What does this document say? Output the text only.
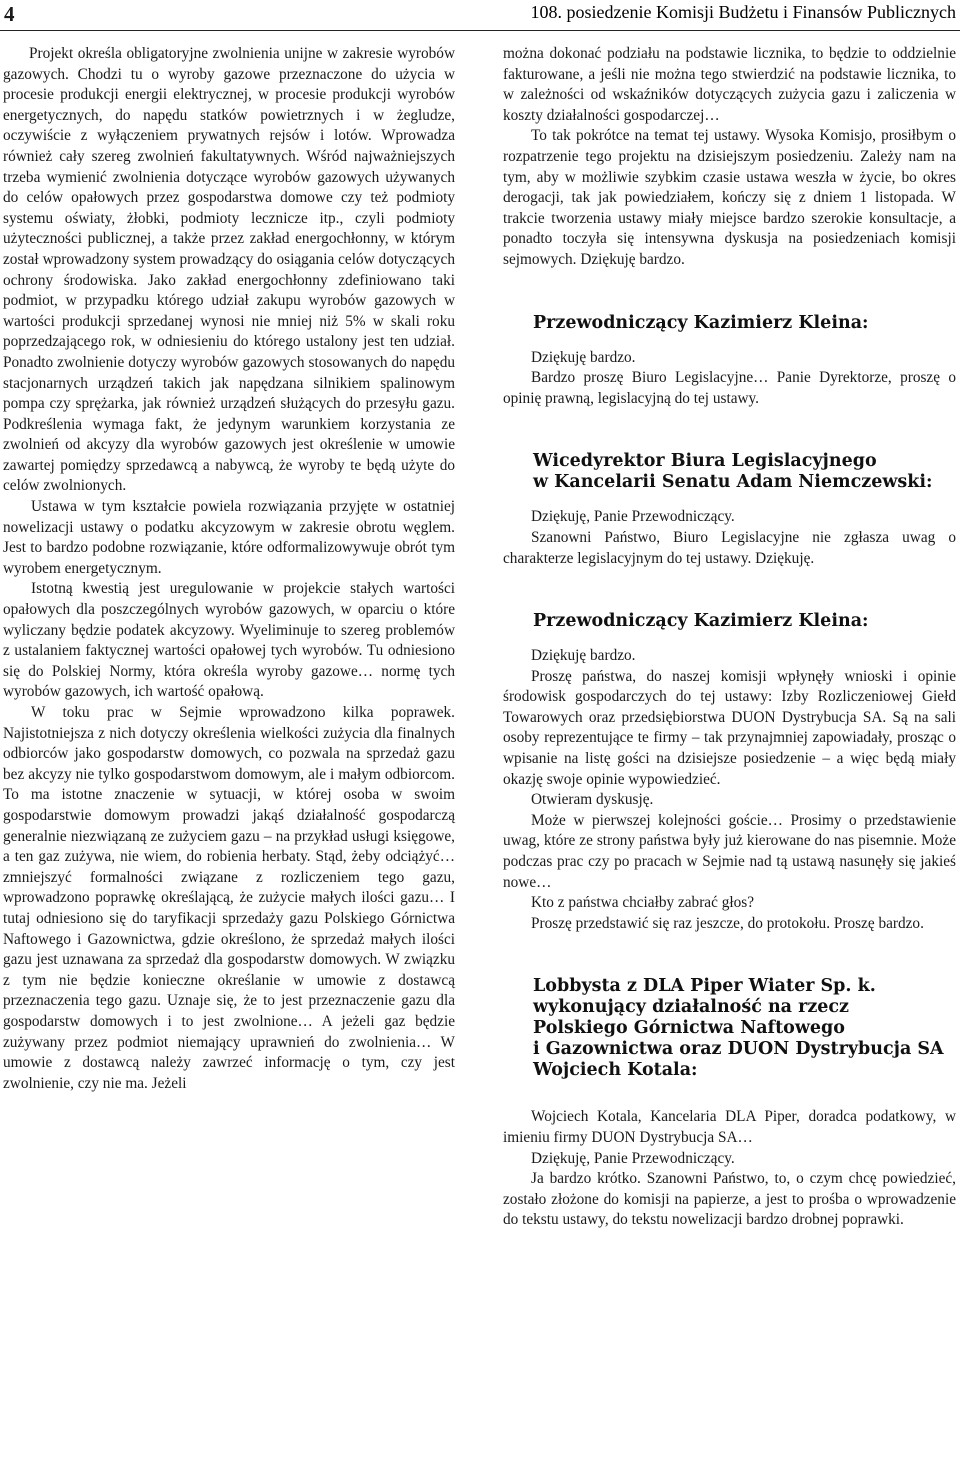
4	108. posiedzenie Komisji Budżetu i Finansów Publicznych

Projekt określa obligatoryjne zwolnienia unijne w zakresie wyrobów gazowych. Chodzi tu o wyroby gazowe przeznaczone do użycia w procesie produkcji energii elektrycznej, w procesie produkcji wyrobów energetycznych, do napędu statków powietrznych i w żegludze, oczywiście z wyłączeniem prywatnych rejsów i lotów. Wprowadza również cały szereg zwolnień fakultatywnych. Wśród najważniejszych trzeba wymienić zwolnienia dotyczące wyrobów gazowych używanych do celów opałowych przez gospodarstwa domowe czy też podmioty systemu oświaty, żłobki, podmioty lecznicze itp., czyli podmioty użyteczności publicznej, a także przez zakład energochłonny, w którym został wprowadzony system prowadzący do osiągania celów dotyczących ochrony środowiska. Jako zakład energochłonny zdefiniowano taki podmiot, w przypadku którego udział zakupu wyrobów gazowych w wartości produkcji sprzedanej wynosi nie mniej niż 5% w skali roku poprzedzającego rok, w odniesieniu do którego ustalony jest ten udział. Ponadto zwolnienie dotyczy wyrobów gazowych stosowanych do napędu stacjonarnych urządzeń takich jak napędzana silnikiem spalinowym pompa czy sprężarka, jak również urządzeń służących do przesyłu gazu. Podkreślenia wymaga fakt, że jedynym warunkiem korzystania ze zwolnień od akcyzy dla wyrobów gazowych jest określenie w umowie zawartej pomiędzy sprzedawcą a nabywcą, że wyroby te będą użyte do celów zwolnionych.

Ustawa w tym kształcie powiela rozwiązania przyjęte w ostatniej nowelizacji ustawy o podatku akcyzowym w zakresie obrotu węglem. Jest to bardzo podobne rozwiązanie, które odformalizowywuje obrót tym wyrobem energetycznym.

Istotną kwestią jest uregulowanie w projekcie stałych wartości opałowych dla poszczególnych wyrobów gazowych, w oparciu o które wyliczany będzie podatek akcyzowy. Wyeliminuje to szereg problemów z ustalaniem faktycznej wartości opałowej tych wyrobów. Tu odniesiono się do Polskiej Normy, która określa wyroby gazowe… normę tych wyrobów gazowych, ich wartość opałową.

W toku prac w Sejmie wprowadzono kilka poprawek. Najistotniejsza z nich dotyczy określenia wielkości zużycia dla finalnych odbiorców jako gospodarstw domowych, co pozwala na sprzedaż gazu bez akcyzy nie tylko gospodarstwom domowym, ale i małym odbiorcom. To ma istotne znaczenie w sytuacji, w której osoba w swoim gospodarstwie domowym prowadzi jakąś działalność gospodarczą generalnie niezwiązaną ze zużyciem gazu – na przykład usługi księgowe, a ten gaz zużywa, nie wiem, do robienia herbaty. Stąd, żeby odciążyć… zmniejszyć formalności związane z rozliczeniem tego gazu, wprowadzono poprawkę określającą, że zużycie małych ilości gazu… I tutaj odniesiono się do taryfikacji sprzedaży gazu Polskiego Górnictwa Naftowego i Gazownictwa, gdzie określono, że sprzedaż małych ilości gazu jest uznawana za sprzedaż dla gospodarstw domowych. W związku z tym nie będzie konieczne określanie w umowie z dostawcą przeznaczenia tego gazu. Uznaje się, że to jest przeznaczenie gazu dla gospodarstw domowych i to jest zwolnione… A jeżeli gaz będzie zużywany przez podmiot niemający uprawnień do zwolnienia… W umowie z dostawcą należy zawrzeć informację o tym, czy jest zwolnienie, czy nie ma. Jeżeli

można dokonać podziału na podstawie licznika, to będzie to oddzielnie fakturowane, a jeśli nie można tego stwierdzić na podstawie licznika, to w zależności od wskaźników dotyczących zużycia gazu i zaliczenia w koszty działalności gospodarczej…

To tak pokrótce na temat tej ustawy. Wysoka Komisjo, prosiłbym o rozpatrzenie tego projektu na dzisiejszym posiedzeniu. Zależy nam na tym, aby w możliwie szybkim czasie ustawa weszła w życie, bo okres derogacji, tak jak powiedziałem, kończy się z dniem 1 listopada. W trakcie tworzenia ustawy miały miejsce bardzo szerokie konsultacje, a ponadto toczyła się intensywna dyskusja na posiedzeniach komisji sejmowych. Dziękuję bardzo.

Przewodniczący Kazimierz Kleina:

Dziękuję bardzo.

Bardzo proszę Biuro Legislacyjne… Panie Dyrektorze, proszę o opinię prawną, legislacyjną do tej ustawy.

Wicedyrektor Biura Legislacyjnego
w Kancelarii Senatu Adam Niemczewski:

Dziękuję, Panie Przewodniczący.

Szanowni Państwo, Biuro Legislacyjne nie zgłasza uwag o charakterze legislacyjnym do tej ustawy. Dziękuję.

Przewodniczący Kazimierz Kleina:

Dziękuję bardzo.

Proszę państwa, do naszej komisji wpłynęły wnioski i opinie środowisk gospodarczych do tej ustawy: Izby Rozliczeniowej Giełd Towarowych oraz przedsiębiorstwa DUON Dystrybucja SA. Są na sali osoby reprezentujące te firmy – tak przynajmniej zapowiadały, prosząc o wpisanie na listę gości na dzisiejsze posiedzenie – a więc będą miały okazję swoje opinie wypowiedzieć.

Otwieram dyskusję.

Może w pierwszej kolejności goście… Prosimy o przedstawienie uwag, które ze strony państwa były już kierowane do nas pisemnie. Może podczas prac czy po pracach w Sejmie nad tą ustawą nasunęły się jakieś nowe…

Kto z państwa chciałby zabrać głos?

Proszę przedstawić się raz jeszcze, do protokołu. Proszę bardzo.

Lobbysta z DLA Piper Wiater Sp. k.
wykonujący działalność na rzecz
Polskiego Górnictwa Naftowego
i Gazownictwa oraz DUON Dystrybucja SA
Wojciech Kotala:

Wojciech Kotala, Kancelaria DLA Piper, doradca podatkowy, w imieniu firmy DUON Dystrybucja SA…

Dziękuję, Panie Przewodniczący.

Ja bardzo krótko. Szanowni Państwo, to, o czym chcę powiedzieć, zostało złożone do komisji na papierze, a jest to prośba o wprowadzenie do tekstu ustawy, do tekstu nowelizacji bardzo drobnej poprawki.
